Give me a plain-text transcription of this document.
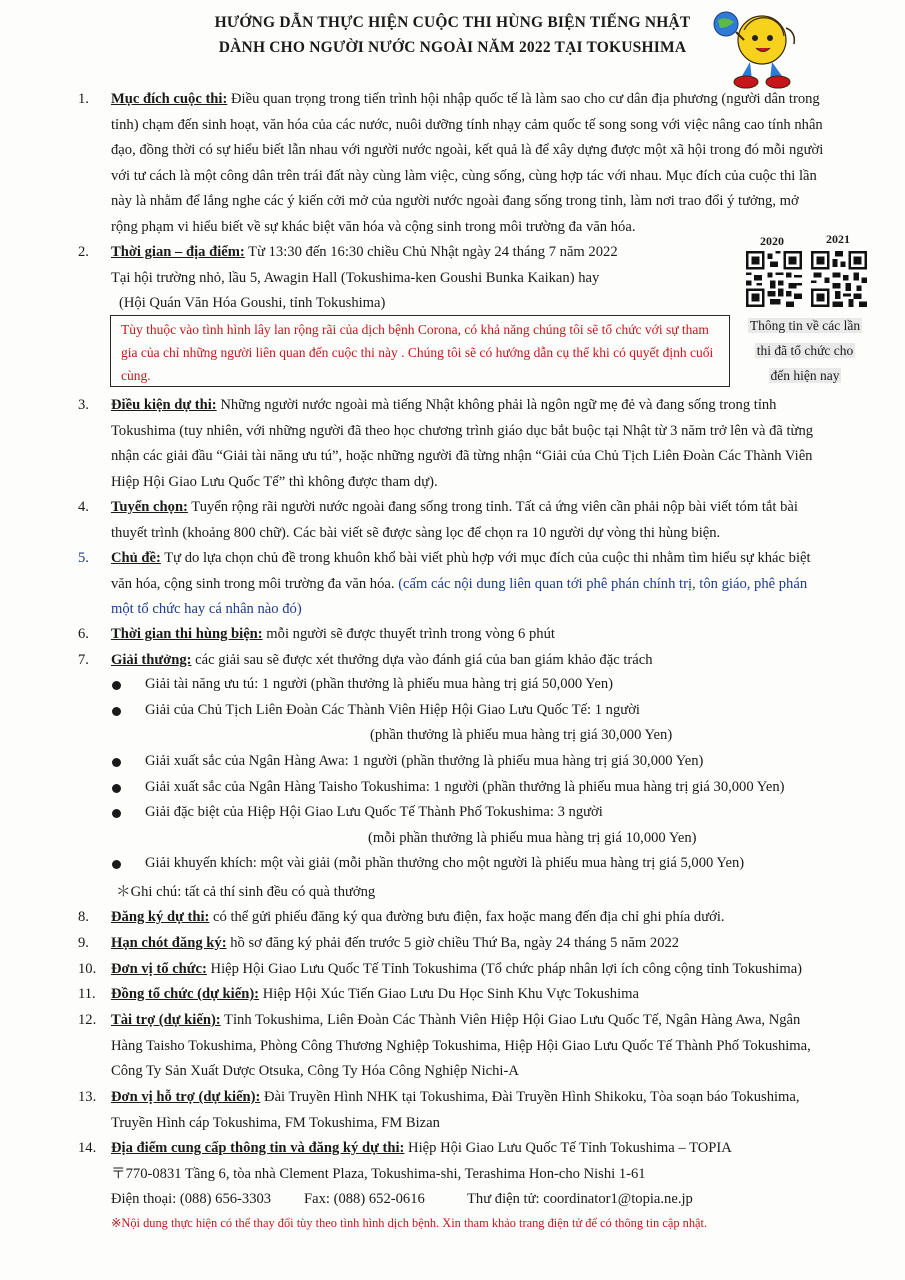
HƯỚNG DẪN THỰC HIỆN CUỘC THI HÙNG BIỆN TIẾNG NHẬT
DÀNH CHO NGƯỜI NƯỚC NGOÀI NĂM 2022 TẠI TOKUSHIMA
1.	Mục đích cuộc thi: Điều quan trọng trong tiến trình hội nhập quốc tế là làm sao cho cư dân địa phương (người dân trong
tỉnh) chạm đến sinh hoạt, văn hóa của các nước, nuôi dưỡng tính nhạy cảm quốc tế song song với việc nâng cao tính nhân
đạo, đồng thời có sự hiểu biết lẫn nhau với người nước ngoài, kết quả là để xây dựng được một xã hội trong đó mỗi người
với tư cách là một công dân trên trái đất này cùng làm việc, cùng sống, cùng hợp tác với nhau. Mục đích của cuộc thi lần
này là nhằm để lắng nghe các ý kiến cởi mở của người nước ngoài đang sống trong tỉnh, làm nơi trao đổi ý tưởng, mở
rộng phạm vi hiểu biết về sự khác biệt văn hóa và cộng sinh trong môi trường đa văn hóa.
2.	Thời gian – địa điểm: Từ 13:30 đến 16:30 chiều Chủ Nhật ngày 24 tháng 7 năm 2022
Tại hội trường nhỏ, lầu 5, Awagin Hall (Tokushima-ken Goushi Bunka Kaikan) hay
(Hội Quán Văn Hóa Goushi, tỉnh Tokushima)
Tùy thuộc vào tình hình lây lan rộng rãi của dịch bệnh Corona, có khả năng chúng tôi sẽ tổ chức với sự tham gia của chỉ những người liên quan đến cuộc thi này . Chúng tôi sẽ có hướng dẫn cụ thể khi có quyết định cuối cùng.
2020	2021
Thông tin về các lần
thi đã tổ chức cho
đến hiện nay
3.	Điều kiện dự thi: Những người nước ngoài mà tiếng Nhật không phải là ngôn ngữ mẹ đẻ và đang sống trong tỉnh
Tokushima (tuy nhiên, với những người đã theo học chương trình giáo dục bắt buộc tại Nhật từ 3 năm trở lên và đã từng
nhận các giải đầu “Giải tài năng ưu tú”, hoặc những người đã từng nhận “Giải của Chủ Tịch Liên Đoàn Các Thành Viên
Hiệp Hội Giao Lưu Quốc Tế” thì không được tham dự).
4.	Tuyển chọn: Tuyển rộng rãi người nước ngoài đang sống trong tỉnh. Tất cả ứng viên cần phải nộp bài viết tóm tắt bài
thuyết trình (khoảng 800 chữ). Các bài viết sẽ được sàng lọc để chọn ra 10 người dự vòng thi hùng biện.
5.	Chủ đề: Tự do lựa chọn chủ đề trong khuôn khổ bài viết phù hợp với mục đích của cuộc thi nhằm tìm hiểu sự khác biệt
văn hóa, cộng sinh trong môi trường đa văn hóa. (cấm các nội dung liên quan tới phê phán chính trị, tôn giáo, phê phán
một tổ chức hay cá nhân nào đó)
6.	Thời gian thi hùng biện: mỗi người sẽ được thuyết trình trong vòng 6 phút
7.	Giải thưởng: các giải sau sẽ được xét thưởng dựa vào đánh giá của ban giám khảo đặc trách
Giải tài năng ưu tú: 1 người (phần thưởng là phiếu mua hàng trị giá 50,000 Yen)
Giải của Chủ Tịch Liên Đoàn Các Thành Viên Hiệp Hội Giao Lưu Quốc Tế: 1 người
(phần thưởng là phiếu mua hàng trị giá 30,000 Yen)
Giải xuất sắc của Ngân Hàng Awa: 1 người (phần thưởng là phiếu mua hàng trị giá 30,000 Yen)
Giải xuất sắc của Ngân Hàng Taisho Tokushima: 1 người (phần thưởng là phiếu mua hàng trị giá 30,000 Yen)
Giải đặc biệt của Hiệp Hội Giao Lưu Quốc Tế Thành Phố Tokushima: 3 người
(mỗi phần thưởng là phiếu mua hàng trị giá 10,000 Yen)
Giải khuyến khích: một vài giải (mỗi phần thưởng cho một người là phiếu mua hàng trị giá 5,000 Yen)
＊Ghi chú: tất cả thí sinh đều có quà thưởng
8.	Đăng ký dự thi: có thể gửi phiếu đăng ký qua đường bưu điện, fax hoặc mang đến địa chỉ ghi phía dưới.
9.	Hạn chót đăng ký: hồ sơ đăng ký phải đến trước 5 giờ chiều Thứ Ba, ngày 24 tháng 5 năm 2022
10.	Đơn vị tổ chức: Hiệp Hội Giao Lưu Quốc Tế Tỉnh Tokushima (Tổ chức pháp nhân lợi ích công cộng tỉnh Tokushima)
11.	Đồng tổ chức (dự kiến): Hiệp Hội Xúc Tiến Giao Lưu Du Học Sinh Khu Vực Tokushima
12.	Tài trợ (dự kiến): Tỉnh Tokushima, Liên Đoàn Các Thành Viên Hiệp Hội Giao Lưu Quốc Tế, Ngân Hàng Awa, Ngân
Hàng Taisho Tokushima, Phòng Công Thương Nghiệp Tokushima, Hiệp Hội Giao Lưu Quốc Tế Thành Phố Tokushima,
Công Ty Sản Xuất Dược Otsuka, Công Ty Hóa Công Nghiệp Nichi-A
13.	Đơn vị hỗ trợ (dự kiến): Đài Truyền Hình NHK tại Tokushima, Đài Truyền Hình Shikoku, Tòa soạn báo Tokushima,
Truyền Hình cáp Tokushima, FM Tokushima, FM Bizan
14.	Địa điểm cung cấp thông tin và đăng ký dự thi: Hiệp Hội Giao Lưu Quốc Tế Tỉnh Tokushima – TOPIA
〒770-0831 Tầng 6, tòa nhà Clement Plaza, Tokushima-shi, Terashima Hon-cho Nishi 1-61
Điện thoại: (088) 656-3303 Fax: (088) 652-0616	Thư điện tử: coordinator1@topia.ne.jp
※Nội dung thực hiện có thể thay đổi tùy theo tình hình dịch bệnh. Xin tham khảo trang điện tử để có thông tin cập nhật.
